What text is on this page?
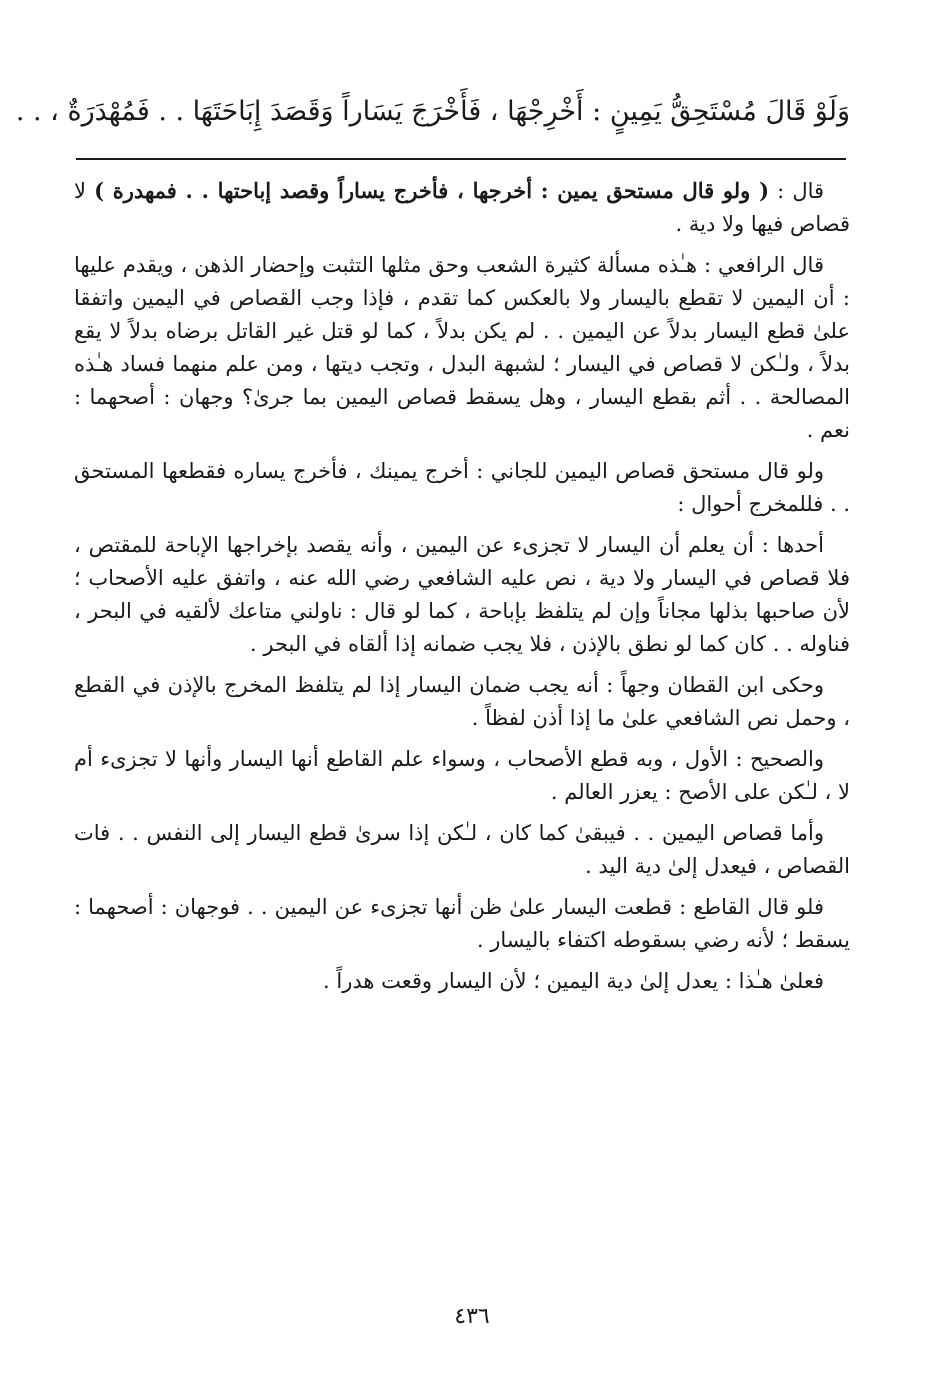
وَلَوْ قَالَ مُسْتَحِقُّ يَمِينٍ : أَخْرِجْهَا ، فَأَخْرَجَ يَسَاراً وَقَصَدَ إِبَاحَتَهَا . . فَمُهْدَرَةٌ ، . .

قال : ( ولو قال مستحق يمين : أخرجها ، فأخرج يساراً وقصد إباحتها . . فمهدرة ) لا قصاص فيها ولا دية .

قال الرافعي : هـٰذه مسألة كثيرة الشعب وحق مثلها التثبت وإحضار الذهن ، ويقدم عليها : أن اليمين لا تقطع باليسار ولا بالعكس كما تقدم ، فإذا وجب القصاص في اليمين واتفقا علىٰ قطع اليسار بدلاً عن اليمين . . لم يكن بدلاً ، كما لو قتل غير القاتل برضاه بدلاً لا يقع بدلاً ، ولـٰكن لا قصاص في اليسار ؛ لشبهة البدل ، وتجب ديتها ، ومن علم منهما فساد هـٰذه المصالحة . . أثم بقطع اليسار ، وهل يسقط قصاص اليمين بما جرىٰ؟ وجهان : أصحهما : نعم .

ولو قال مستحق قصاص اليمين للجاني : أخرج يمينك ، فأخرج يساره فقطعها المستحق . . فللمخرج أحوال :

أحدها : أن يعلم أن اليسار لا تجزىء عن اليمين ، وأنه يقصد بإخراجها الإباحة للمقتص ، فلا قصاص في اليسار ولا دية ، نص عليه الشافعي رضي الله عنه ، واتفق عليه الأصحاب ؛ لأن صاحبها بذلها مجاناً وإن لم يتلفظ بإباحة ، كما لو قال : ناولني متاعك لألقيه في البحر ، فناوله . . كان كما لو نطق بالإذن ، فلا يجب ضمانه إذا ألقاه في البحر .

وحكى ابن القطان وجهاً : أنه يجب ضمان اليسار إذا لم يتلفظ المخرج بالإذن في القطع ، وحمل نص الشافعي علىٰ ما إذا أذن لفظاً .

والصحيح : الأول ، وبه قطع الأصحاب ، وسواء علم القاطع أنها اليسار وأنها لا تجزىء أم لا ، لـٰكن على الأصح : يعزر العالم .

وأما قصاص اليمين . . فيبقىٰ كما كان ، لـٰكن إذا سرىٰ قطع اليسار إلى النفس . . فات القصاص ، فيعدل إلىٰ دية اليد .

فلو قال القاطع : قطعت اليسار علىٰ ظن أنها تجزىء عن اليمين . . فوجهان : أصحهما : يسقط ؛ لأنه رضي بسقوطه اكتفاء باليسار .

فعلىٰ هـٰذا : يعدل إلىٰ دية اليمين ؛ لأن اليسار وقعت هدراً .

٤٣٦
